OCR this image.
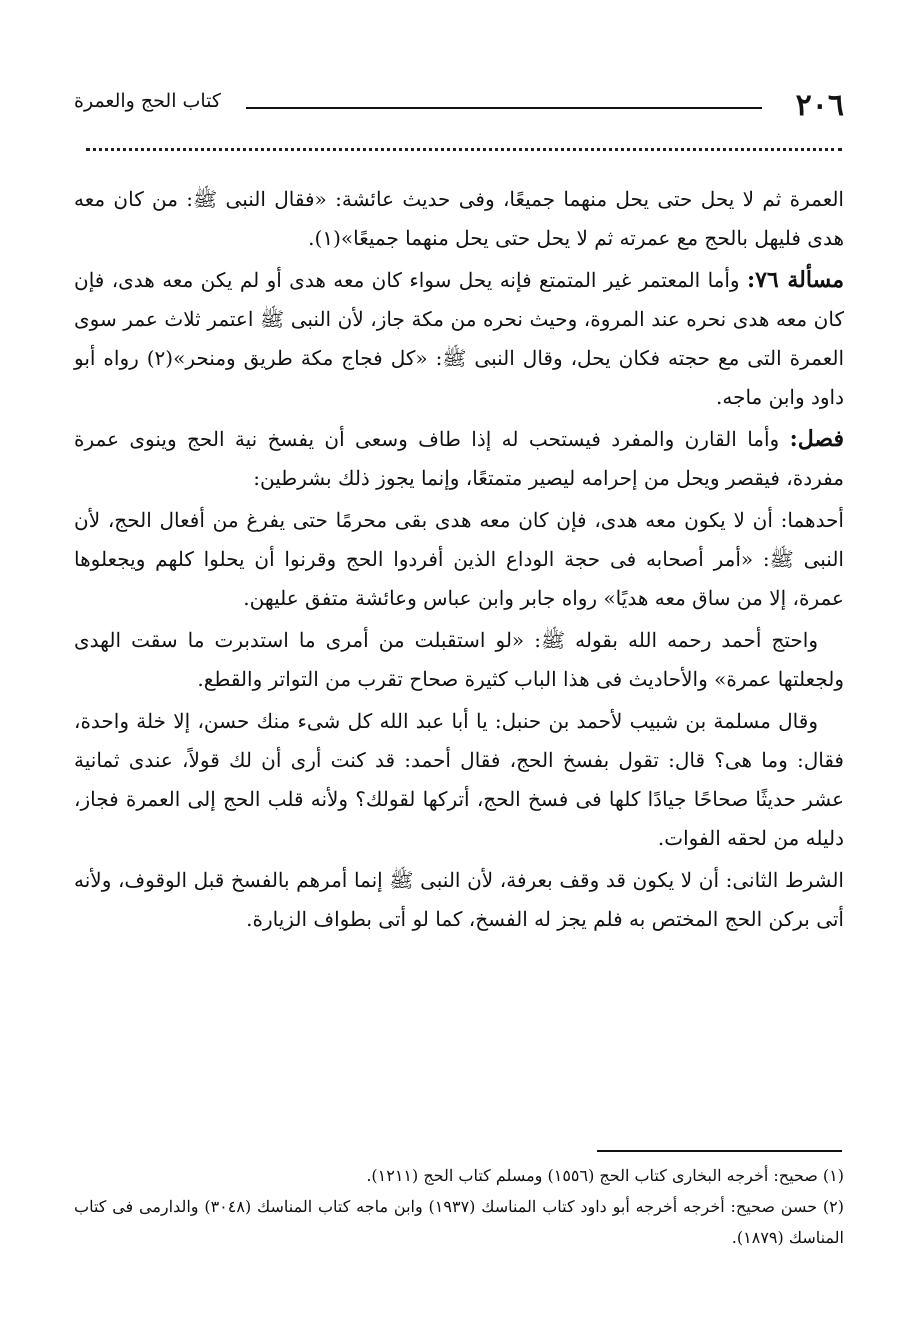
٢٠٦
كتاب الحج والعمرة

العمرة ثم لا يحل حتى يحل منهما جميعًا، وفى حديث عائشة: «فقال النبى ﷺ: من كان معه هدى فليهل بالحج مع عمرته ثم لا يحل حتى يحل منهما جميعًا»(١).

مسألة ٧٦: وأما المعتمر غير المتمتع فإنه يحل سواء كان معه هدى أو لم يكن معه هدى، فإن كان معه هدى نحره عند المروة، وحيث نحره من مكة جاز، لأن النبى ﷺ اعتمر ثلاث عمر سوى العمرة التى مع حجته فكان يحل، وقال النبى ﷺ: «كل فجاج مكة طريق ومنحر»(٢) رواه أبو داود وابن ماجه.

فصل: وأما القارن والمفرد فيستحب له إذا طاف وسعى أن يفسخ نية الحج وينوى عمرة مفردة، فيقصر ويحل من إحرامه ليصير متمتعًا، وإنما يجوز ذلك بشرطين:

أحدهما: أن لا يكون معه هدى، فإن كان معه هدى بقى محرمًا حتى يفرغ من أفعال الحج، لأن النبى ﷺ: «أمر أصحابه فى حجة الوداع الذين أفردوا الحج وقرنوا أن يحلوا كلهم ويجعلوها عمرة، إلا من ساق معه هديًا» رواه جابر وابن عباس وعائشة متفق عليهن.

واحتج أحمد رحمه الله بقوله ﷺ: «لو استقبلت من أمرى ما استدبرت ما سقت الهدى ولجعلتها عمرة» والأحاديث فى هذا الباب كثيرة صحاح تقرب من التواتر والقطع.

وقال مسلمة بن شبيب لأحمد بن حنبل: يا أبا عبد الله كل شىء منك حسن، إلا خلة واحدة، فقال: وما هى؟ قال: تقول بفسخ الحج، فقال أحمد: قد كنت أرى أن لك قولاً، عندى ثمانية عشر حديثًا صحاحًا جيادًا كلها فى فسخ الحج، أتركها لقولك؟ ولأنه قلب الحج إلى العمرة فجاز، دليله من لحقه الفوات.

الشرط الثانى: أن لا يكون قد وقف بعرفة، لأن النبى ﷺ إنما أمرهم بالفسخ قبل الوقوف، ولأنه أتى بركن الحج المختص به فلم يجز له الفسخ، كما لو أتى بطواف الزيارة.

(١) صحيح: أخرجه البخارى كتاب الحج (١٥٥٦) ومسلم كتاب الحج (١٢١١).

(٢) حسن صحيح: أخرجه أخرجه أبو داود كتاب المناسك (١٩٣٧) وابن ماجه كتاب المناسك (٣٠٤٨) والدارمى فى كتاب المناسك (١٨٧٩).
